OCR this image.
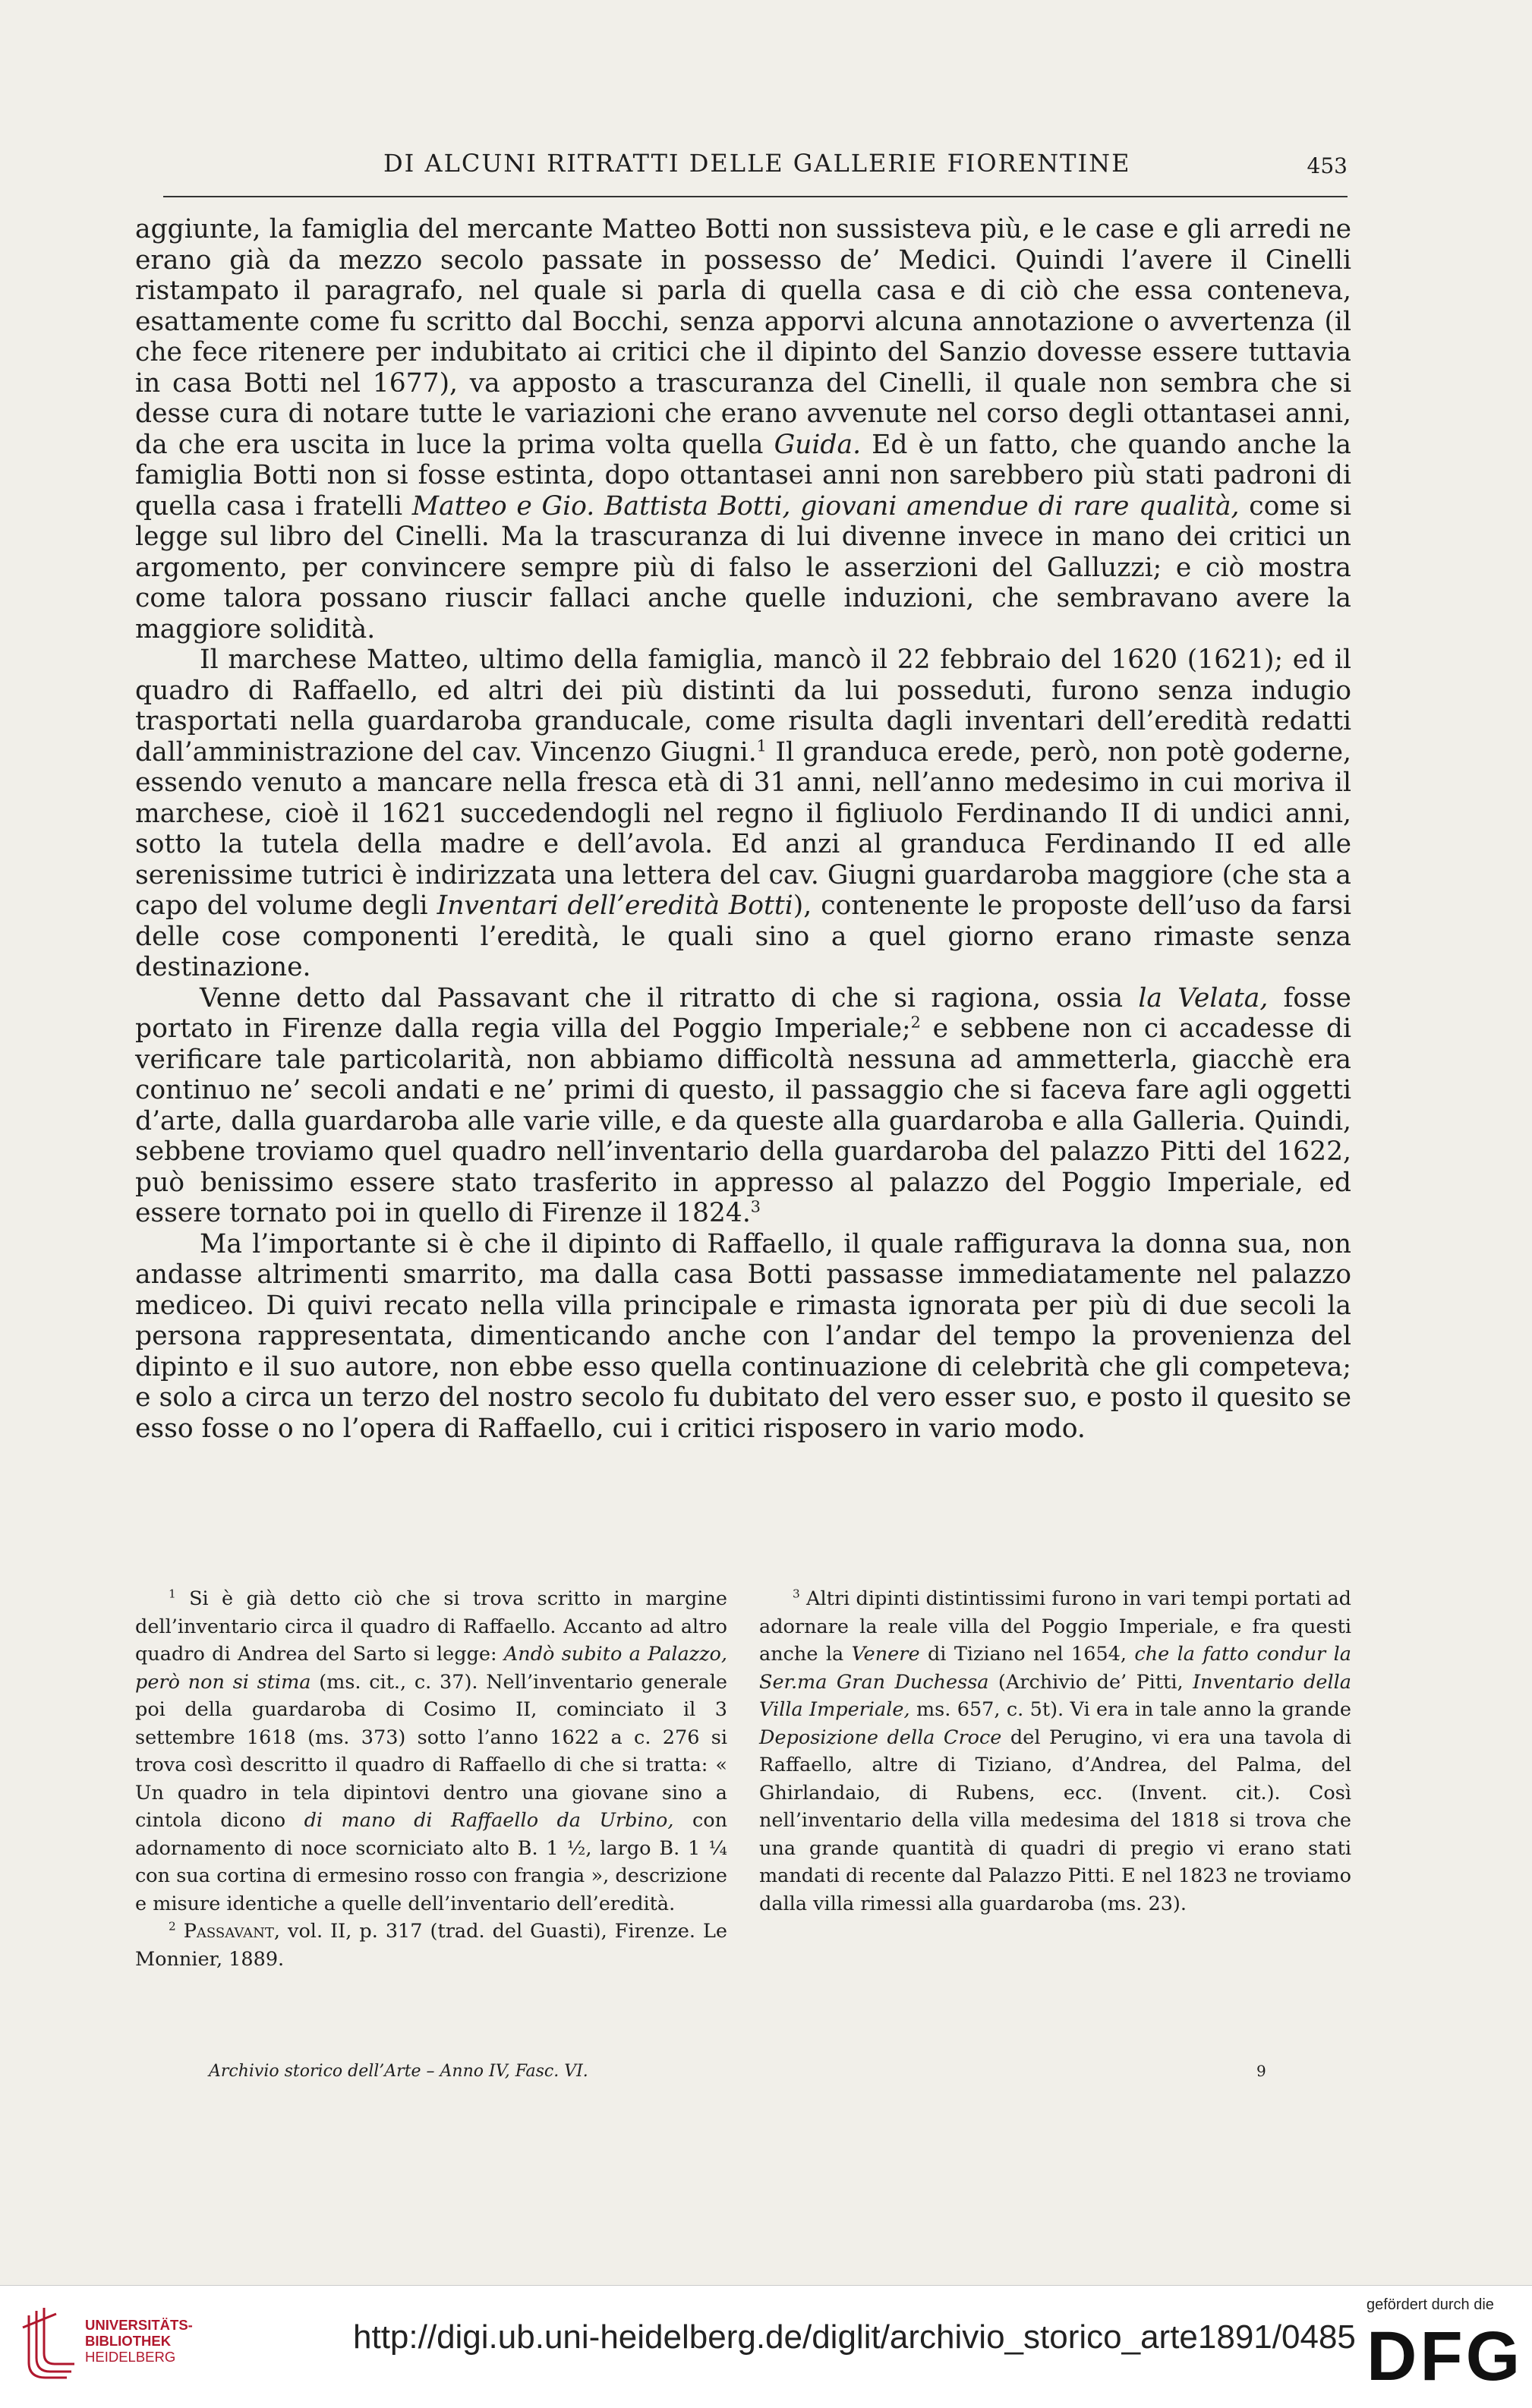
DI ALCUNI RITRATTI DELLE GALLERIE FIORENTINE	453

aggiunte, la famiglia del mercante Matteo Botti non sussisteva più, e le case e gli arredi ne erano già da mezzo secolo passate in possesso de’ Medici. Quindi l’avere il Cinelli ristampato il paragrafo, nel quale si parla di quella casa e di ciò che essa conteneva, esattamente come fu scritto dal Bocchi, senza apporvi alcuna annotazione o avvertenza (il che fece ritenere per indubitato ai critici che il dipinto del Sanzio dovesse essere tuttavia in casa Botti nel 1677), va apposto a trascuranza del Cinelli, il quale non sembra che si desse cura di notare tutte le variazioni che erano avvenute nel corso degli ottantasei anni, da che era uscita in luce la prima volta quella Guida. Ed è un fatto, che quando anche la famiglia Botti non si fosse estinta, dopo ottantasei anni non sarebbero più stati padroni di quella casa i fratelli Matteo e Gio. Battista Botti, giovani amendue di rare qualità, come si legge sul libro del Cinelli. Ma la trascuranza di lui divenne invece in mano dei critici un argomento, per convincere sempre più di falso le asserzioni del Galluzzi; e ciò mostra come talora possano riuscir fallaci anche quelle induzioni, che sembravano avere la maggiore solidità.

Il marchese Matteo, ultimo della famiglia, mancò il 22 febbraio del 1620 (1621); ed il quadro di Raffaello, ed altri dei più distinti da lui posseduti, furono senza indugio trasportati nella guardaroba granducale, come risulta dagli inventari dell’eredità redatti dall’amministrazione del cav. Vincenzo Giugni.$^1$ Il granduca erede, però, non potè goderne, essendo venuto a mancare nella fresca età di 31 anni, nell’anno medesimo in cui moriva il marchese, cioè il 1621 succedendogli nel regno il figliuolo Ferdinando II di undici anni, sotto la tutela della madre e dell’avola. Ed anzi al granduca Ferdinando II ed alle serenissime tutrici è indirizzata una lettera del cav. Giugni guardaroba maggiore (che sta a capo del volume degli Inventari dell’eredità Botti), contenente le proposte dell’uso da farsi delle cose componenti l’eredità, le quali sino a quel giorno erano rimaste senza destinazione.

Venne detto dal Passavant che il ritratto di che si ragiona, ossia la Velata, fosse portato in Firenze dalla regia villa del Poggio Imperiale;$^2$ e sebbene non ci accadesse di verificare tale particolarità, non abbiamo difficoltà nessuna ad ammetterla, giacchè era continuo ne’ secoli andati e ne’ primi di questo, il passaggio che si faceva fare agli oggetti d’arte, dalla guardaroba alle varie ville, e da queste alla guardaroba e alla Galleria. Quindi, sebbene troviamo quel quadro nell’inventario della guardaroba del palazzo Pitti del 1622, può benissimo essere stato trasferito in appresso al palazzo del Poggio Imperiale, ed essere tornato poi in quello di Firenze il 1824.$^3$

Ma l’importante si è che il dipinto di Raffaello, il quale raffigurava la donna sua, non andasse altrimenti smarrito, ma dalla casa Botti passasse immediatamente nel palazzo mediceo. Di quivi recato nella villa principale e rimasta ignorata per più di due secoli la persona rappresentata, dimenticando anche con l’andar del tempo la provenienza del dipinto e il suo autore, non ebbe esso quella continuazione di celebrità che gli competeva; e solo a circa un terzo del nostro secolo fu dubitato del vero esser suo, e posto il quesito se esso fosse o no l’opera di Raffaello, cui i critici risposero in vario modo.

$^1$ Si è già detto ciò che si trova scritto in margine dell’inventario circa il quadro di Raffaello. Accanto ad altro quadro di Andrea del Sarto si legge: Andò subito a Palazzo, però non si stima (ms. cit., c. 37). Nell’inventario generale poi della guardaroba di Cosimo II, cominciato il 3 settembre 1618 (ms. 373) sotto l’anno 1622 a c. 276 si trova così descritto il quadro di Raffaello di che si tratta: « Un quadro in tela dipintovi dentro una giovane sino a cintola dicono di mano di Raffaello da Urbino, con adornamento di noce scorniciato alto B. 1 ½, largo B. 1 ¼ con sua cortina di ermesino rosso con frangia », descrizione e misure identiche a quelle dell’inventario dell’eredità.

$^2$ Passavant, vol. II, p. 317 (trad. del Guasti), Firenze. Le Monnier, 1889.

$^3$ Altri dipinti distintissimi furono in vari tempi portati ad adornare la reale villa del Poggio Imperiale, e fra questi anche la Venere di Tiziano nel 1654, che la fatto condur la Ser.ma Gran Duchessa (Archivio de’ Pitti, Inventario della Villa Imperiale, ms. 657, c. 5t). Vi era in tale anno la grande Deposizione della Croce del Perugino, vi era una tavola di Raffaello, altre di Tiziano, d’Andrea, del Palma, del Ghirlandaio, di Rubens, ecc. (Invent. cit.). Così nell’inventario della villa medesima del 1818 si trova che una grande quantità di quadri di pregio vi erano stati mandati di recente dal Palazzo Pitti. E nel 1823 ne troviamo dalla villa rimessi alla guardaroba (ms. 23).

Archivio storico dell’Arte – Anno IV, Fasc. VI.	9
UNIVERSITÄTS-
BIBLIOTHEK
HEIDELBERG
http://digi.ub.uni-heidelberg.de/diglit/archivio_storico_arte1891/0485
gefördert durch die
DFG
